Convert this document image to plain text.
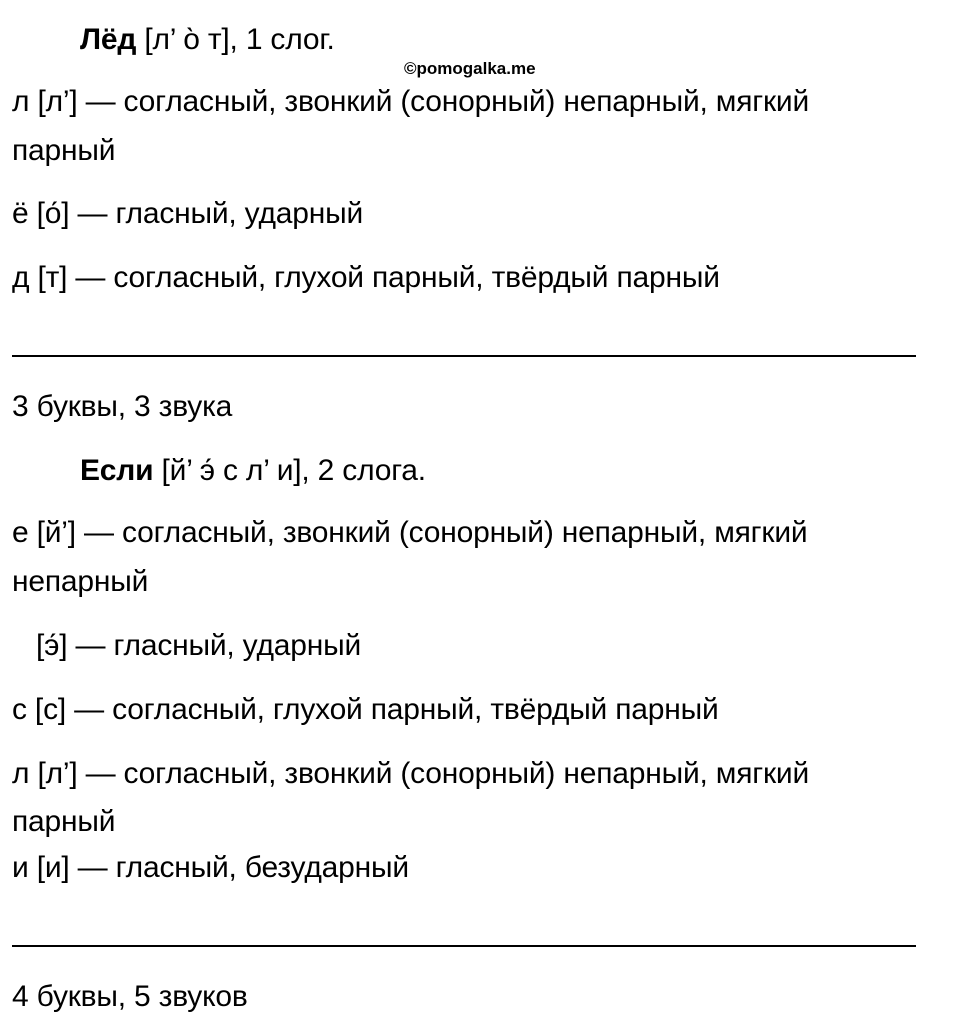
Лёд [л’ о̀ т], 1 слог.
©pomogalka.me
л [л’] — согласный, звонкий (сонорный) непарный, мягкий
парный
ё [о́] — гласный, ударный
д [т] — согласный, глухой парный, твёрдый парный
3 буквы, 3 звука
Если [й’ э́ с л’ и], 2 слога.
е [й’] — согласный, звонкий (сонорный) непарный, мягкий
непарный
[э́] — гласный, ударный
с [с] — согласный, глухой парный, твёрдый парный
л [л’] — согласный, звонкий (сонорный) непарный, мягкий
парный
и [и] — гласный, безударный
4 буквы, 5 звуков
